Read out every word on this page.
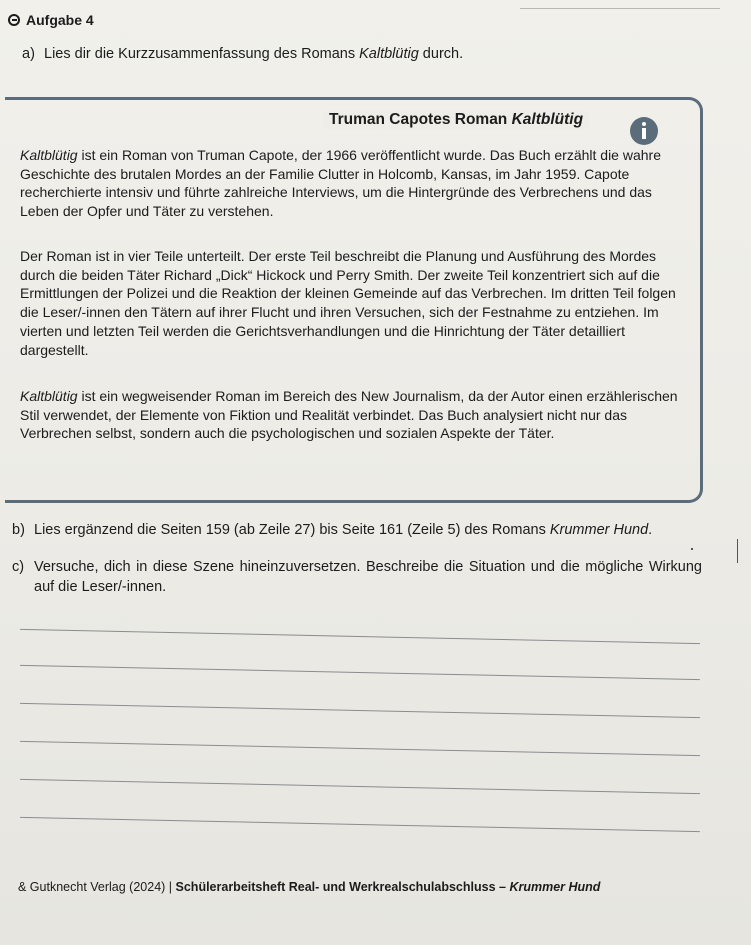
Aufgabe 4
a) Lies dir die Kurzzusammenfassung des Romans Kaltblütig durch.
Truman Capotes Roman Kaltblütig
Kaltblütig ist ein Roman von Truman Capote, der 1966 veröffentlicht wurde. Das Buch erzählt die wahre Geschichte des brutalen Mordes an der Familie Clutter in Holcomb, Kansas, im Jahr 1959. Capote recherchierte intensiv und führte zahlreiche Interviews, um die Hintergründe des Verbrechens und das Leben der Opfer und Täter zu verstehen.
Der Roman ist in vier Teile unterteilt. Der erste Teil beschreibt die Planung und Ausführung des Mordes durch die beiden Täter Richard „Dick“ Hickock und Perry Smith. Der zweite Teil konzentriert sich auf die Ermittlungen der Polizei und die Reaktion der kleinen Gemeinde auf das Verbrechen. Im dritten Teil folgen die Leser/-innen den Tätern auf ihrer Flucht und ihren Versuchen, sich der Festnahme zu entziehen. Im vierten und letzten Teil werden die Gerichtsverhandlungen und die Hinrichtung der Täter detailliert dargestellt.
Kaltblütig ist ein wegweisender Roman im Bereich des New Journalism, da der Autor einen erzählerischen Stil verwendet, der Elemente von Fiktion und Realität verbindet. Das Buch analysiert nicht nur das Verbrechen selbst, sondern auch die psychologischen und sozialen Aspekte der Täter.
b) Lies ergänzend die Seiten 159 (ab Zeile 27) bis Seite 161 (Zeile 5) des Romans Krummer Hund.
c) Versuche, dich in diese Szene hineinzuversetzen. Beschreibe die Situation und die mögliche Wirkung auf die Leser/-innen.
& Gutknecht Verlag (2024) | Schülerarbeitsheft Real- und Werkrealschulabschluss – Krummer Hund
